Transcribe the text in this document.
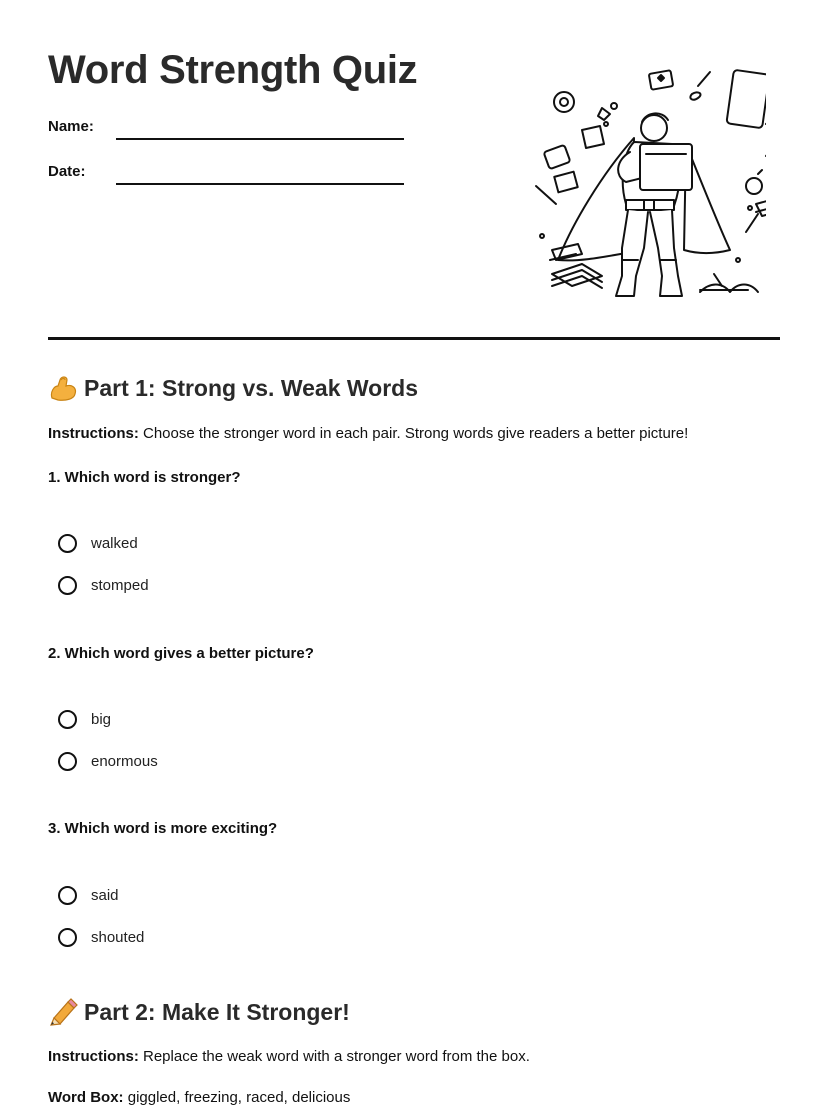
Word Strength Quiz
Name:
Date:
Part 1: Strong vs. Weak Words
Instructions: Choose the stronger word in each pair. Strong words give readers a better picture!
1. Which word is stronger?
walked
stomped
2. Which word gives a better picture?
big
enormous
3. Which word is more exciting?
said
shouted
Part 2: Make It Stronger!
Instructions: Replace the weak word with a stronger word from the box.
Word Box: giggled, freezing, raced, delicious
